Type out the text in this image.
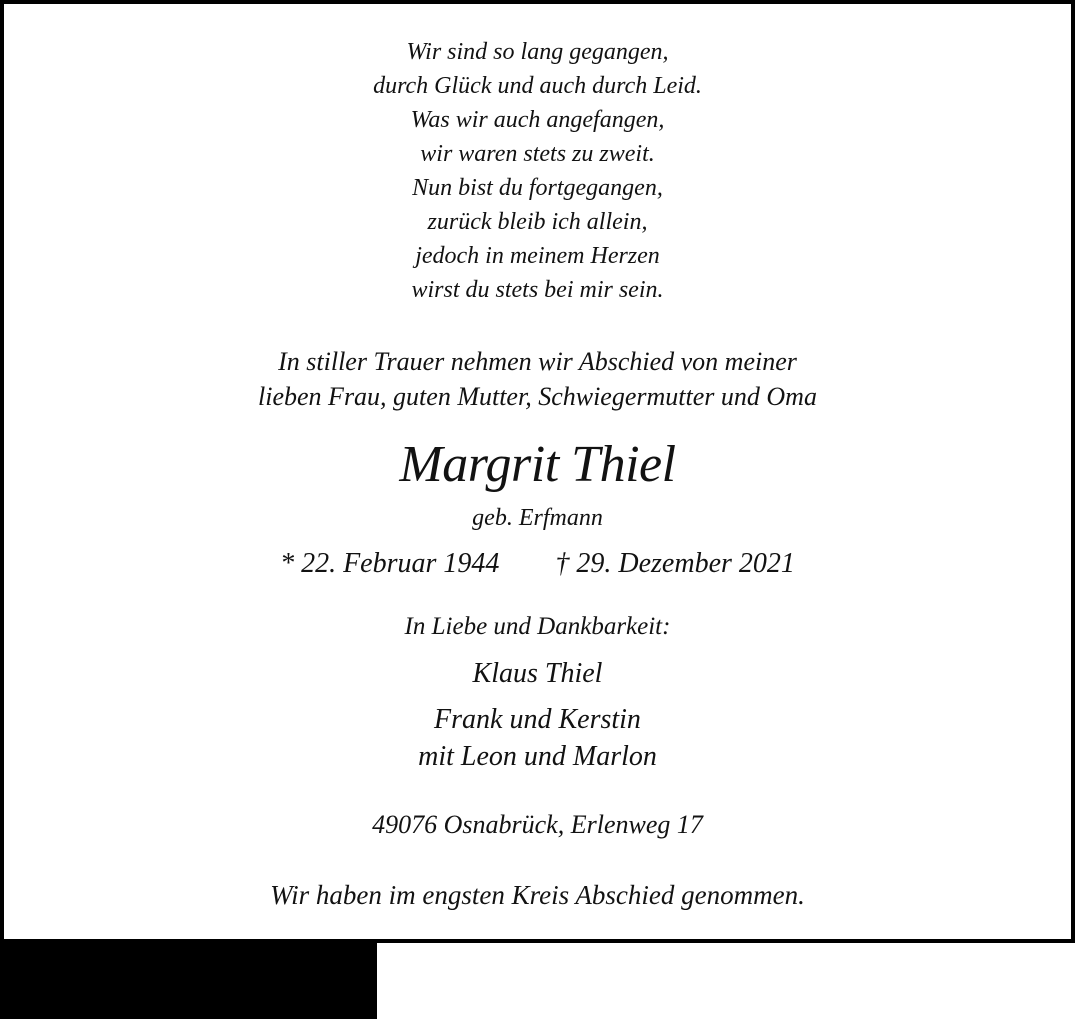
Wir sind so lang gegangen,

durch Glück und auch durch Leid.

Was wir auch angefangen,

wir waren stets zu zweit.

Nun bist du fortgegangen,

zurück bleib ich allein,

jedoch in meinem Herzen

wirst du stets bei mir sein.

In stiller Trauer nehmen wir Abschied von meiner

lieben Frau, guten Mutter, Schwiegermutter und Oma

Margrit Thiel

geb. Erfmann

* 22. Februar 1944 † 29. Dezember 2021

In Liebe und Dankbarkeit:

Klaus Thiel

Frank und Kerstin

mit Leon und Marlon

49076 Osnabrück, Erlenweg 17

Wir haben im engsten Kreis Abschied genommen.
